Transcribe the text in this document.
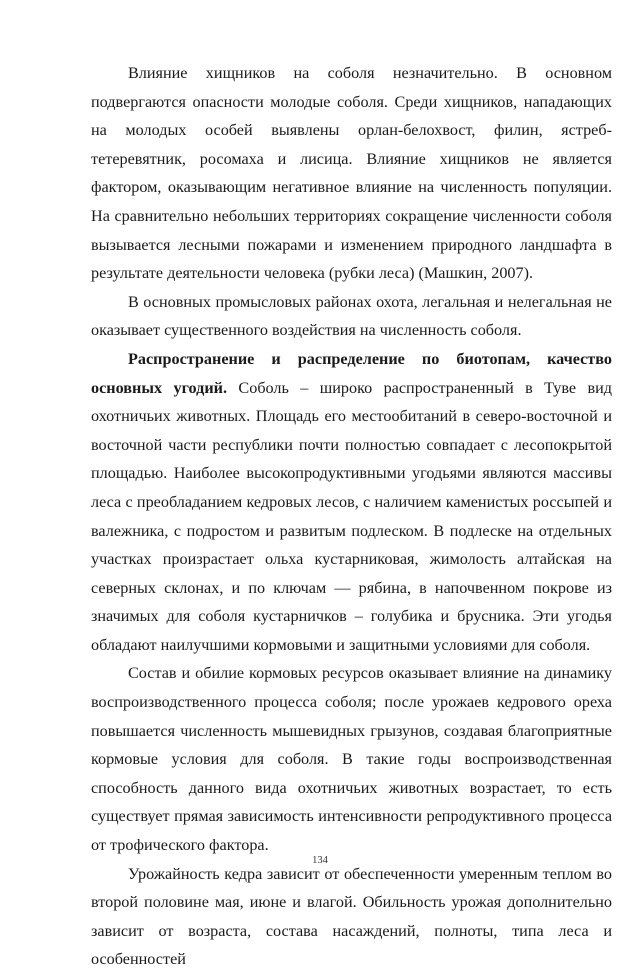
Влияние хищников на соболя незначительно. В основном подвергаются опасности молодые соболя. Среди хищников, нападающих на молодых особей выявлены орлан-белохвост, филин, ястреб-тетеревятник, росомаха и лисица. Влияние хищников не является фактором, оказывающим негативное влияние на численность популяции. На сравнительно небольших территориях сокращение численности соболя вызывается лесными пожарами и изменением природного ландшафта в результате деятельности человека (рубки леса) (Машкин, 2007).

В основных промысловых районах охота, легальная и нелегальная не оказывает существенного воздействия на численность соболя.

Распространение и распределение по биотопам, качество основных угодий. Соболь – широко распространенный в Туве вид охотничьих животных. Площадь его местообитаний в северо-восточной и восточной части республики почти полностью совпадает с лесопокрытой площадью. Наиболее высокопродуктивными угодьями являются массивы леса с преобладанием кедровых лесов, с наличием каменистых россыпей и валежника, с подростом и развитым подлеском. В подлеске на отдельных участках произрастает ольха кустарниковая, жимолость алтайская на северных склонах, и по ключам — рябина, в напочвенном покрове из значимых для соболя кустарничков – голубика и брусника. Эти угодья обладают наилучшими кормовыми и защитными условиями для соболя.

Состав и обилие кормовых ресурсов оказывает влияние на динамику воспроизводственного процесса соболя; после урожаев кедрового ореха повышается численность мышевидных грызунов, создавая благоприятные кормовые условия для соболя. В такие годы воспроизводственная способность данного вида охотничьих животных возрастает, то есть существует прямая зависимость интенсивности репродуктивного процесса от трофического фактора.

Урожайность кедра зависит от обеспеченности умеренным теплом во второй половине мая, июне и влагой. Обильность урожая дополнительно зависит от возраста, состава насаждений, полноты, типа леса и особенностей

134
